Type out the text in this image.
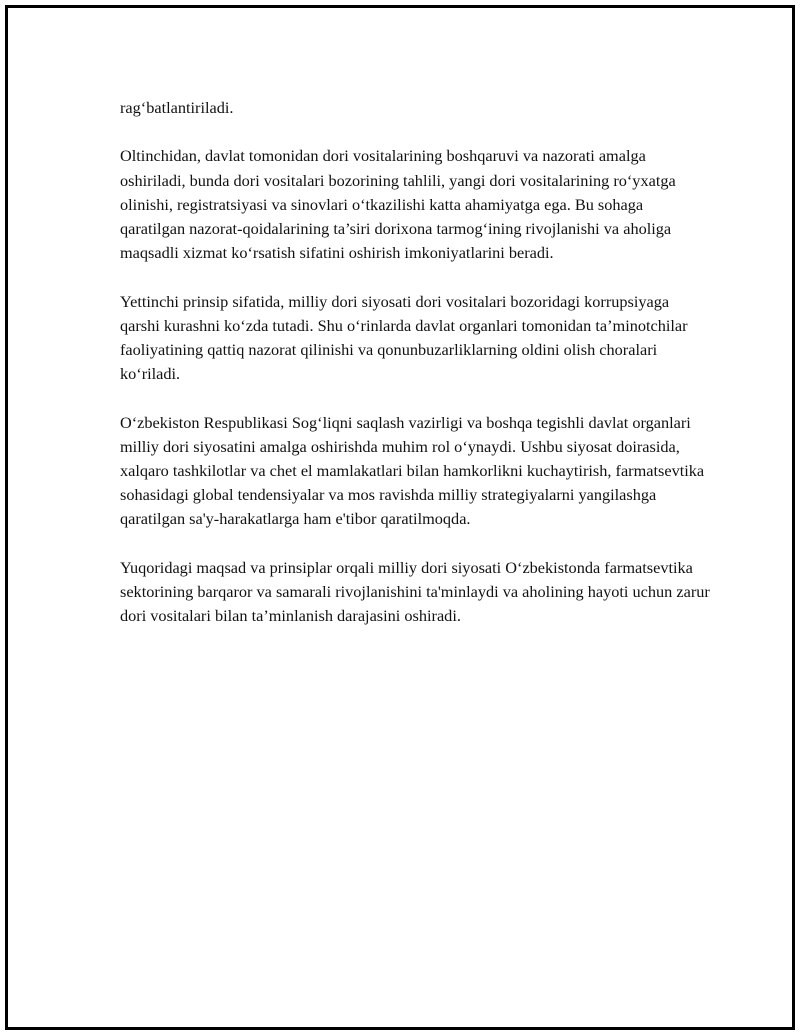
rag‘batlantiriladi.

Oltinchidan, davlat tomonidan dori vositalarining boshqaruvi va nazorati amalga oshiriladi, bunda dori vositalari bozorining tahlili, yangi dori vositalarining ro‘yxatga olinishi, registratsiyasi va sinovlari o‘tkazilishi katta ahamiyatga ega. Bu sohaga qaratilgan nazorat-qoidalarining ta’siri dorixona tarmog‘ining rivojlanishi va aholiga maqsadli xizmat ko‘rsatish sifatini oshirish imkoniyatlarini beradi.

Yettinchi prinsip sifatida, milliy dori siyosati dori vositalari bozoridagi korrupsiyaga qarshi kurashni ko‘zda tutadi. Shu o‘rinlarda davlat organlari tomonidan ta’minotchilar faoliyatining qattiq nazorat qilinishi va qonunbuzarliklarning oldini olish choralari ko‘riladi.

O‘zbekiston Respublikasi Sog‘liqni saqlash vazirligi va boshqa tegishli davlat organlari milliy dori siyosatini amalga oshirishda muhim rol o‘ynaydi. Ushbu siyosat doirasida, xalqaro tashkilotlar va chet el mamlakatlari bilan hamkorlikni kuchaytirish, farmatsevtika sohasidagi global tendensiyalar va mos ravishda milliy strategiyalarni yangilashga qaratilgan sa'y-harakatlarga ham e'tibor qaratilmoqda.

Yuqoridagi maqsad va prinsiplar orqali milliy dori siyosati O‘zbekistonda farmatsevtika sektorining barqaror va samarali rivojlanishini ta'minlaydi va aholining hayoti uchun zarur dori vositalari bilan ta’minlanish darajasini oshiradi.
